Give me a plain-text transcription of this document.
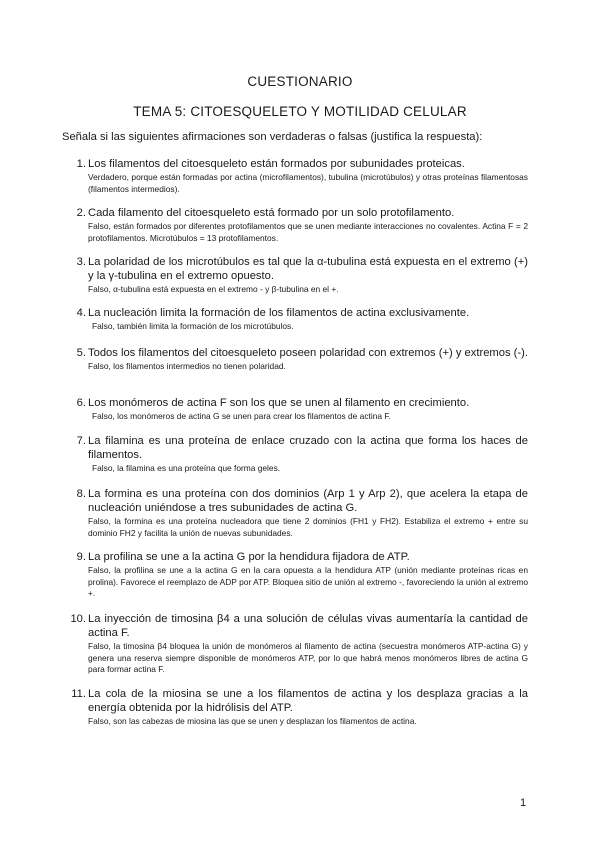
CUESTIONARIO
TEMA 5: CITOESQUELETO Y MOTILIDAD CELULAR
Señala si las siguientes afirmaciones son verdaderas o falsas (justifica la respuesta):
1. Los filamentos del citoesqueleto están formados por subunidades proteicas.
Verdadero, porque están formadas por actina (microfilamentos), tubulina (microtúbulos) y otras proteínas filamentosas (filamentos intermedios).
2. Cada filamento del citoesqueleto está formado por un solo protofilamento.
Falso, están formados por diferentes protofilamentos que se unen mediante interacciones no covalentes. Actina F = 2 protofilamentos. Microtúbulos = 13 protofilamentos.
3. La polaridad de los microtúbulos es tal que la α-tubulina está expuesta en el extremo (+) y la γ-tubulina en el extremo opuesto.
Falso, α-tubulina está expuesta en el extremo - y β-tubulina en el +.
4. La nucleación limita la formación de los filamentos de actina exclusivamente.
Falso, también limita la formación de los microtúbulos.
5. Todos los filamentos del citoesqueleto poseen polaridad con extremos (+) y extremos (-).
Falso, los filamentos intermedios no tienen polaridad.
6. Los monómeros de actina F son los que se unen al filamento en crecimiento.
Falso, los monómeros de actina G se unen para crear los filamentos de actina F.
7. La filamina es una proteína de enlace cruzado con la actina que forma los haces de filamentos.
Falso, la filamina es una proteína que forma geles.
8. La formina es una proteína con dos dominios (Arp 1 y Arp 2), que acelera la etapa de nucleación uniéndose a tres subunidades de actina G.
Falso, la formina es una proteína nucleadora que tiene 2 dominios (FH1 y FH2). Estabiliza el extremo + entre su dominio FH2 y facilita la unión de nuevas subunidades.
9. La profilina se une a la actina G por la hendidura fijadora de ATP.
Falso, la profilina se une a la actina G en la cara opuesta a la hendidura ATP (unión mediante proteínas ricas en prolina). Favorece el reemplazo de ADP por ATP. Bloquea sitio de unión al extremo -, favoreciendo la unión al extremo +.
10. La inyección de timosina β4 a una solución de células vivas aumentaría la cantidad de actina F.
Falso, la timosina β4 bloquea la unión de monómeros al filamento de actina (secuestra monómeros ATP-actina G) y genera una reserva siempre disponible de monómeros ATP, por lo que habrá menos monómeros libres de actina G para formar actina F.
11. La cola de la miosina se une a los filamentos de actina y los desplaza gracias a la energía obtenida por la hidrólisis del ATP.
Falso, son las cabezas de miosina las que se unen y desplazan los filamentos de actina.
1
